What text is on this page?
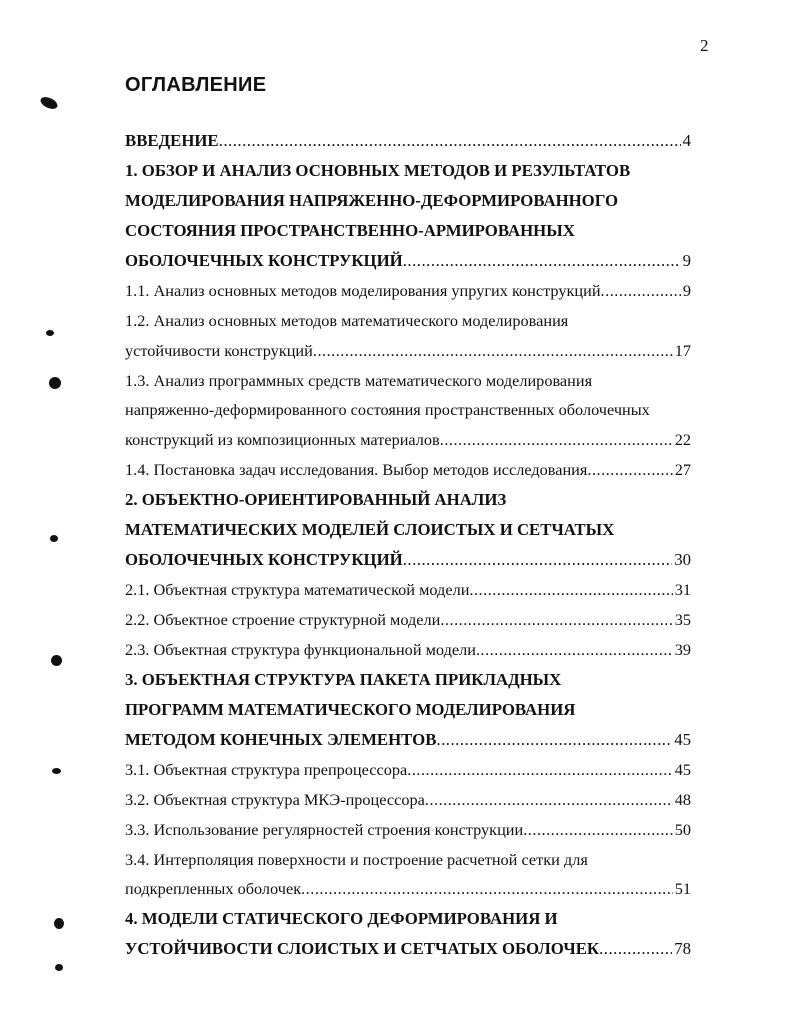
2
ОГЛАВЛЕНИЕ
ВВЕДЕНИЕ .....	4
1. ОБЗОР И АНАЛИЗ ОСНОВНЫХ МЕТОДОВ И РЕЗУЛЬТАТОВ
МОДЕЛИРОВАНИЯ НАПРЯЖЕННО-ДЕФОРМИРОВАННОГО
СОСТОЯНИЯ ПРОСТРАНСТВЕННО-АРМИРОВАННЫХ
ОБОЛОЧЕЧНЫХ КОНСТРУКЦИЙ .....	9
1.1. Анализ основных методов моделирования упругих конструкций .....	9
1.2. Анализ основных методов математического моделирования
устойчивости конструкций .....	17
1.3. Анализ программных средств математического моделирования
напряженно-деформированного состояния пространственных оболочечных
конструкций из композиционных материалов .....	22
1.4. Постановка задач исследования. Выбор методов исследования .....	27
2. ОБЪЕКТНО-ОРИЕНТИРОВАННЫЙ АНАЛИЗ
МАТЕМАТИЧЕСКИХ МОДЕЛЕЙ СЛОИСТЫХ И СЕТЧАТЫХ
ОБОЛОЧЕЧНЫХ КОНСТРУКЦИЙ .....	30
2.1. Объектная структура математической модели .....	31
2.2. Объектное строение структурной модели .....	35
2.3. Объектная структура функциональной модели .....	39
3. ОБЪЕКТНАЯ СТРУКТУРА ПАКЕТА ПРИКЛАДНЫХ
ПРОГРАММ МАТЕМАТИЧЕСКОГО МОДЕЛИРОВАНИЯ
МЕТОДОМ КОНЕЧНЫХ ЭЛЕМЕНТОВ .....	45
3.1. Объектная структура препроцессора .....	45
3.2. Объектная структура МКЭ-процессора .....	48
3.3. Использование регулярностей строения конструкции .....	50
3.4. Интерполяция поверхности и построение расчетной сетки для
подкрепленных оболочек .....	51
4. МОДЕЛИ СТАТИЧЕСКОГО ДЕФОРМИРОВАНИЯ И
УСТОЙЧИВОСТИ СЛОИСТЫХ И СЕТЧАТЫХ ОБОЛОЧЕК .....	78
